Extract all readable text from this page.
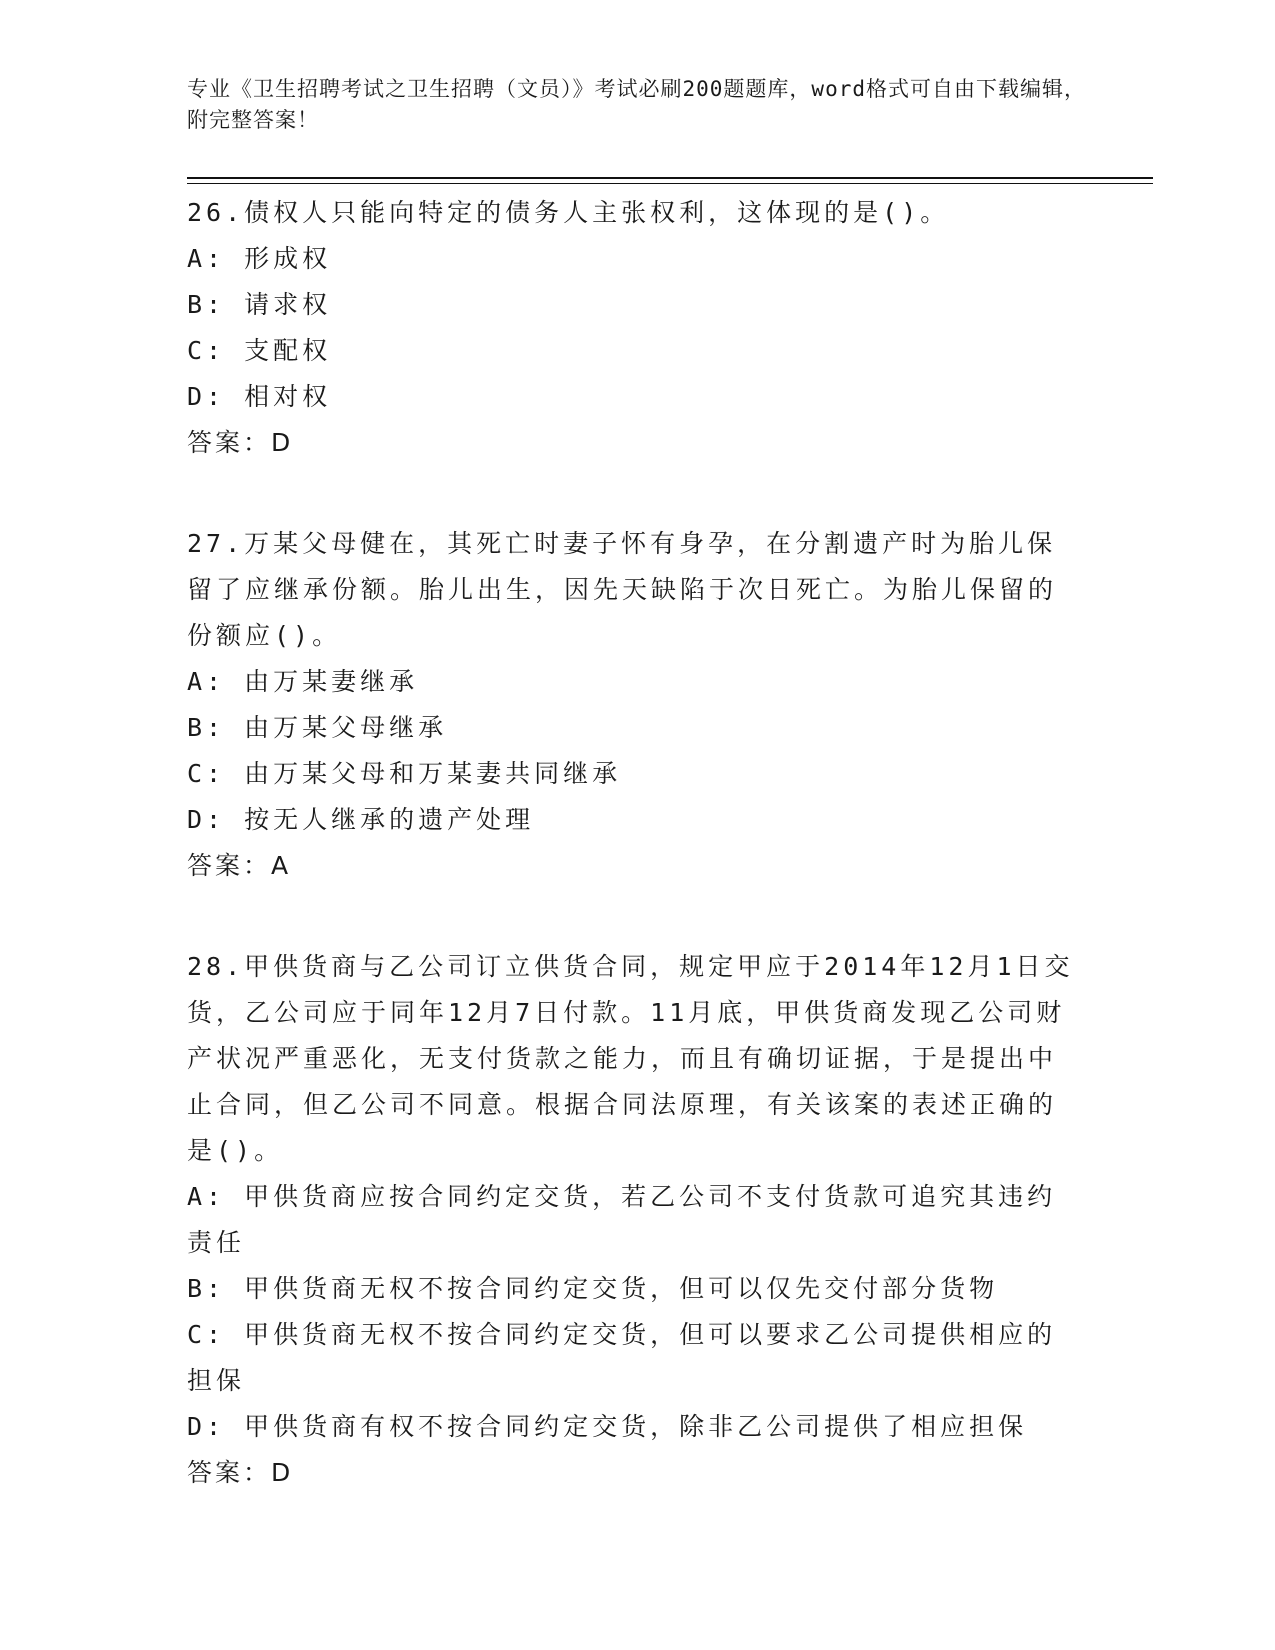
专业《卫生招聘考试之卫生招聘（文员）》考试必刷200题题库，word格式可自由下载编辑，附完整答案！
26.债权人只能向特定的债务人主张权利，这体现的是()。
A: 形成权
B: 请求权
C: 支配权
D: 相对权
答案：D
27.万某父母健在，其死亡时妻子怀有身孕，在分割遗产时为胎儿保留了应继承份额。胎儿出生，因先天缺陷于次日死亡。为胎儿保留的份额应()。
A: 由万某妻继承
B: 由万某父母继承
C: 由万某父母和万某妻共同继承
D: 按无人继承的遗产处理
答案：A
28.甲供货商与乙公司订立供货合同，规定甲应于2014年12月1日交货，乙公司应于同年12月7日付款。11月底，甲供货商发现乙公司财产状况严重恶化，无支付货款之能力，而且有确切证据，于是提出中止合同，但乙公司不同意。根据合同法原理，有关该案的表述正确的是()。
A: 甲供货商应按合同约定交货，若乙公司不支付货款可追究其违约责任
B: 甲供货商无权不按合同约定交货，但可以仅先交付部分货物
C: 甲供货商无权不按合同约定交货，但可以要求乙公司提供相应的担保
D: 甲供货商有权不按合同约定交货，除非乙公司提供了相应担保
答案：D
